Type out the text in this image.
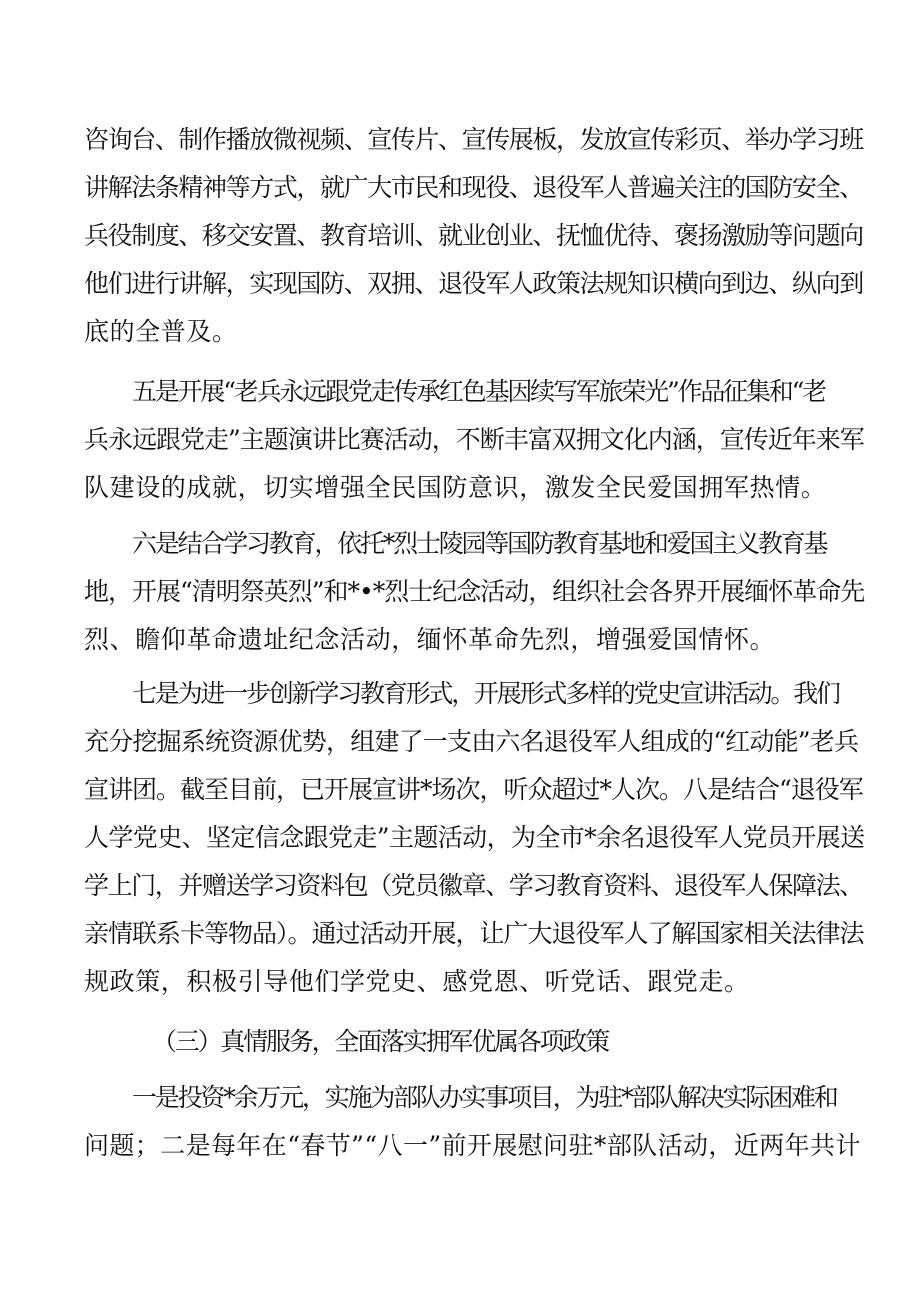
咨询台、制作播放微视频、宣传片、宣传展板，发放宣传彩页、举办学习班
讲解法条精神等方式，就广大市民和现役、退役军人普遍关注的国防安全、
兵役制度、移交安置、教育培训、就业创业、抚恤优待、褒扬激励等问题向
他们进行讲解，实现国防、双拥、退役军人政策法规知识横向到边、纵向到
底的全普及。
五是开展“老兵永远跟党走传承红色基因续写军旅荣光”作品征集和“老
兵永远跟党走”主题演讲比赛活动，不断丰富双拥文化内涵，宣传近年来军
队建设的成就，切实增强全民国防意识，激发全民爱国拥军热情。
六是结合学习教育，依托*烈士陵园等国防教育基地和爱国主义教育基
地，开展“清明祭英烈”和*•*烈士纪念活动，组织社会各界开展缅怀革命先
烈、瞻仰革命遗址纪念活动，缅怀革命先烈，增强爱国情怀。
七是为进一步创新学习教育形式，开展形式多样的党史宣讲活动。我们
充分挖掘系统资源优势，组建了一支由六名退役军人组成的“红动能”老兵
宣讲团。截至目前，已开展宣讲*场次，听众超过*人次。八是结合“退役军
人学党史、坚定信念跟党走”主题活动，为全市*余名退役军人党员开展送
学上门，并赠送学习资料包（党员徽章、学习教育资料、退役军人保障法、
亲情联系卡等物品）。通过活动开展，让广大退役军人了解国家相关法律法
规政策，积极引导他们学党史、感党恩、听党话、跟党走。
（三）真情服务，全面落实拥军优属各项政策
一是投资*余万元，实施为部队办实事项目，为驻*部队解决实际困难和
问题；二是每年在“春节”“八一”前开展慰问驻*部队活动，近两年共计
